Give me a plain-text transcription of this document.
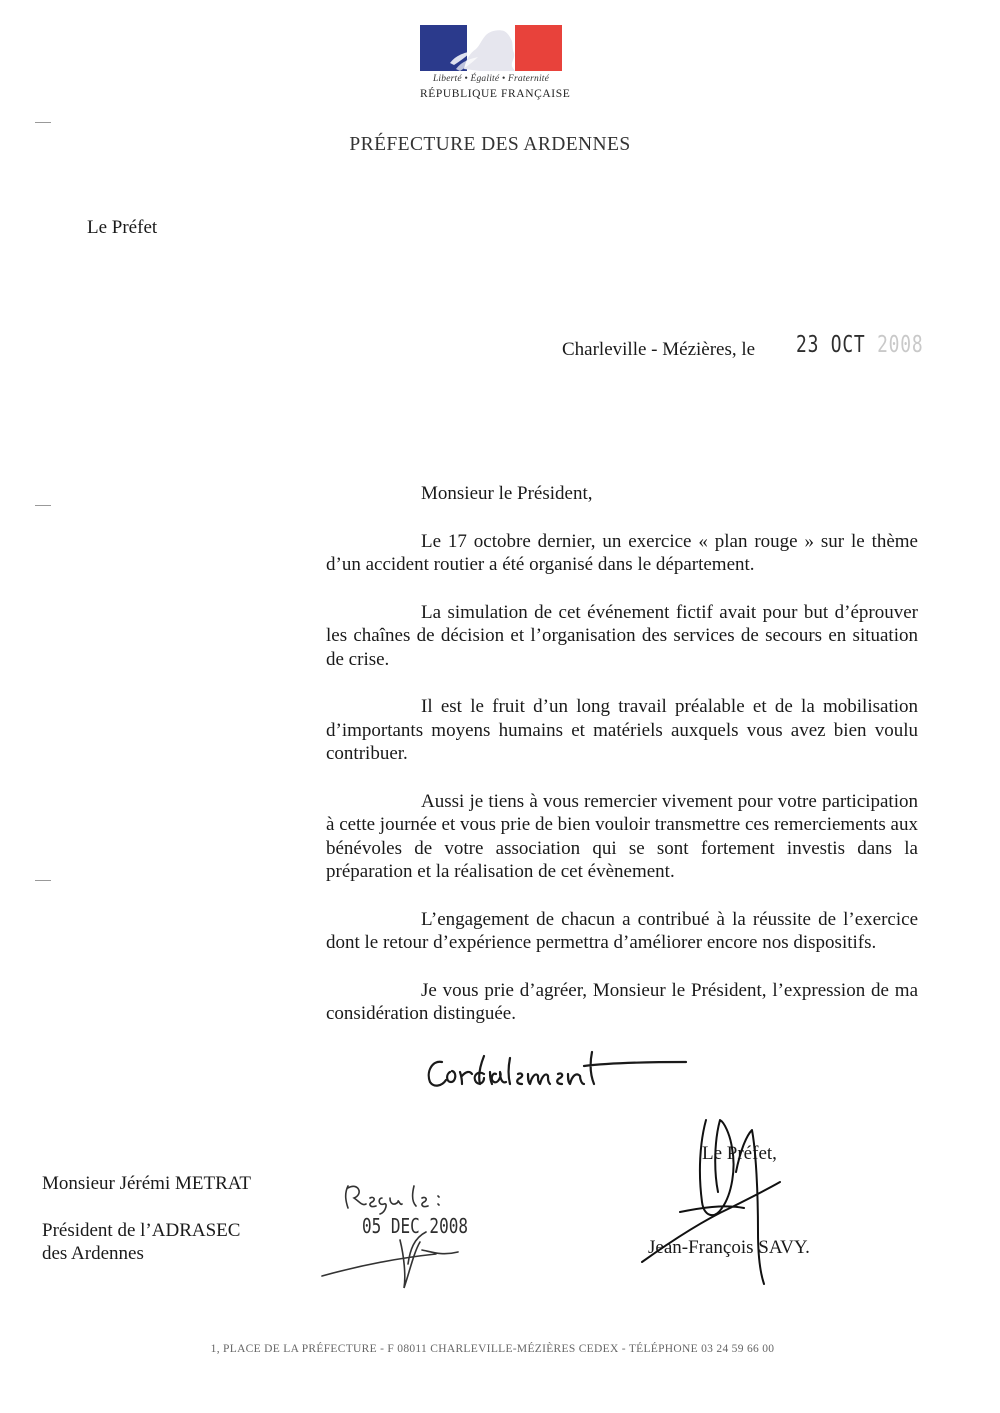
Liberté • Égalité • Fraternité
RÉPUBLIQUE FRANÇAISE
PRÉFECTURE DES ARDENNES
Le Préfet
Charleville - Mézières, le 23 OCT 2008

Monsieur le Président,

Le 17 octobre dernier, un exercice « plan rouge » sur le thème d’un accident routier a été organisé dans le département.

La simulation de cet événement fictif avait pour but d’éprouver les chaînes de décision et l’organisation des services de secours en situation de crise.

Il est le fruit d’un long travail préalable et de la mobilisation d’importants moyens humains et matériels auxquels vous avez bien voulu contribuer.

Aussi je tiens à vous remercier vivement pour votre participation à cette journée et vous prie de bien vouloir transmettre ces remerciements aux bénévoles de votre association qui se sont fortement investis dans la préparation et la réalisation de cet évènement.

L’engagement de chacun a contribué à la réussite de l’exercice dont le retour d’expérience permettra d’améliorer encore nos dispositifs.

Je vous prie d’agréer, Monsieur le Président, l’expression de ma considération distinguée.

Cordialement
Monsieur Jérémi METRAT
Président de l’ADRASEC
des Ardennes
Reçu le :
05 DEC 2008
Le Préfet,
Jean-François SAVY.
1, PLACE DE LA PRÉFECTURE - F 08011 CHARLEVILLE-MÉZIÈRES CEDEX - TÉLÉPHONE 03 24 59 66 00
